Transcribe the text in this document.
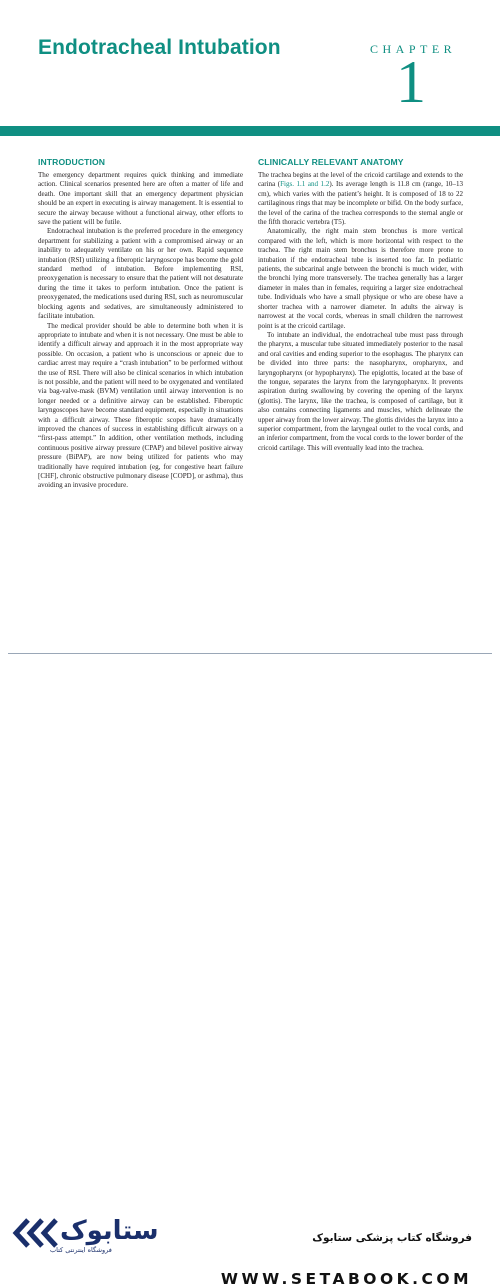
Endotracheal Intubation	CHAPTER
1
INTRODUCTION

The emergency department requires quick thinking and immediate action. Clinical scenarios presented here are often a matter of life and death. One important skill that an emergency department physician should be an expert in executing is airway management. It is essential to secure the airway because without a functional airway, other efforts to save the patient will be futile.

Endotracheal intubation is the preferred procedure in the emergency department for stabilizing a patient with a compromised airway or an inability to adequately ventilate on his or her own. Rapid sequence intubation (RSI) utilizing a fiberoptic laryngoscope has become the gold standard method of intubation. Before implementing RSI, preoxygenation is necessary to ensure that the patient will not desaturate during the time it takes to perform intubation. Once the patient is preoxygenated, the medications used during RSI, such as neuromuscular blocking agents and sedatives, are simultaneously administered to facilitate intubation.

The medical provider should be able to determine both when it is appropriate to intubate and when it is not necessary. One must be able to identify a difficult airway and approach it in the most appropriate way possible. On occasion, a patient who is unconscious or apneic due to cardiac arrest may require a “crash intubation” to be performed without the use of RSI. There will also be clinical scenarios in which intubation is not possible, and the patient will need to be oxygenated and ventilated via bag-valve-mask (BVM) ventilation until airway intervention is no longer needed or a definitive airway can be established. Fiberoptic laryngoscopes have become standard equipment, especially in situations with a difficult airway. These fiberoptic scopes have dramatically improved the chances of success in establishing difficult airways on a “first-pass attempt.” In addition, other ventilation methods, including continuous positive airway pressure (CPAP) and bilevel positive airway pressure (BiPAP), are now being utilized for patients who may traditionally have required intubation (eg, for congestive heart failure [CHF], chronic obstructive pulmonary disease [COPD], or asthma), thus avoiding an invasive procedure.

CLINICALLY RELEVANT ANATOMY

The trachea begins at the level of the cricoid cartilage and extends to the carina (Figs. 1.1 and 1.2). Its average length is 11.8 cm (range, 10–13 cm), which varies with the patient’s height. It is composed of 18 to 22 cartilaginous rings that may be incomplete or bifid. On the body surface, the level of the carina of the trachea corresponds to the sternal angle or the fifth thoracic vertebra (T5).

Anatomically, the right main stem bronchus is more vertical compared with the left, which is more horizontal with respect to the trachea. The right main stem bronchus is therefore more prone to intubation if the endotracheal tube is inserted too far. In pediatric patients, the subcarinal angle between the bronchi is much wider, with the bronchi lying more transversely. The trachea generally has a larger diameter in males than in females, requiring a larger size endotracheal tube. Individuals who have a small physique or who are obese have a shorter trachea with a narrower diameter. In adults the airway is narrowest at the vocal cords, whereas in small children the narrowest point is at the cricoid cartilage.

To intubate an individual, the endotracheal tube must pass through the pharynx, a muscular tube situated immediately posterior to the nasal and oral cavities and ending superior to the esophagus. The pharynx can be divided into three parts: the nasopharynx, oropharynx, and laryngopharynx (or hypopharynx). The epiglottis, located at the base of the tongue, separates the larynx from the laryngopharynx. It prevents aspiration during swallowing by covering the opening of the larynx (glottis). The larynx, like the trachea, is composed of cartilage, but it also contains connecting ligaments and muscles, which delineate the upper airway from the lower airway. The glottis divides the larynx into a superior compartment, from the laryngeal outlet to the vocal cords, and an inferior compartment, from the vocal cords to the lower border of the cricoid cartilage. This will eventually lead into the trachea.

ستابوک
فروشگاه اینترنتی کتاب
فروشگاه کتاب پزشکی ستابوک
WWW.SETABOOK.COM
